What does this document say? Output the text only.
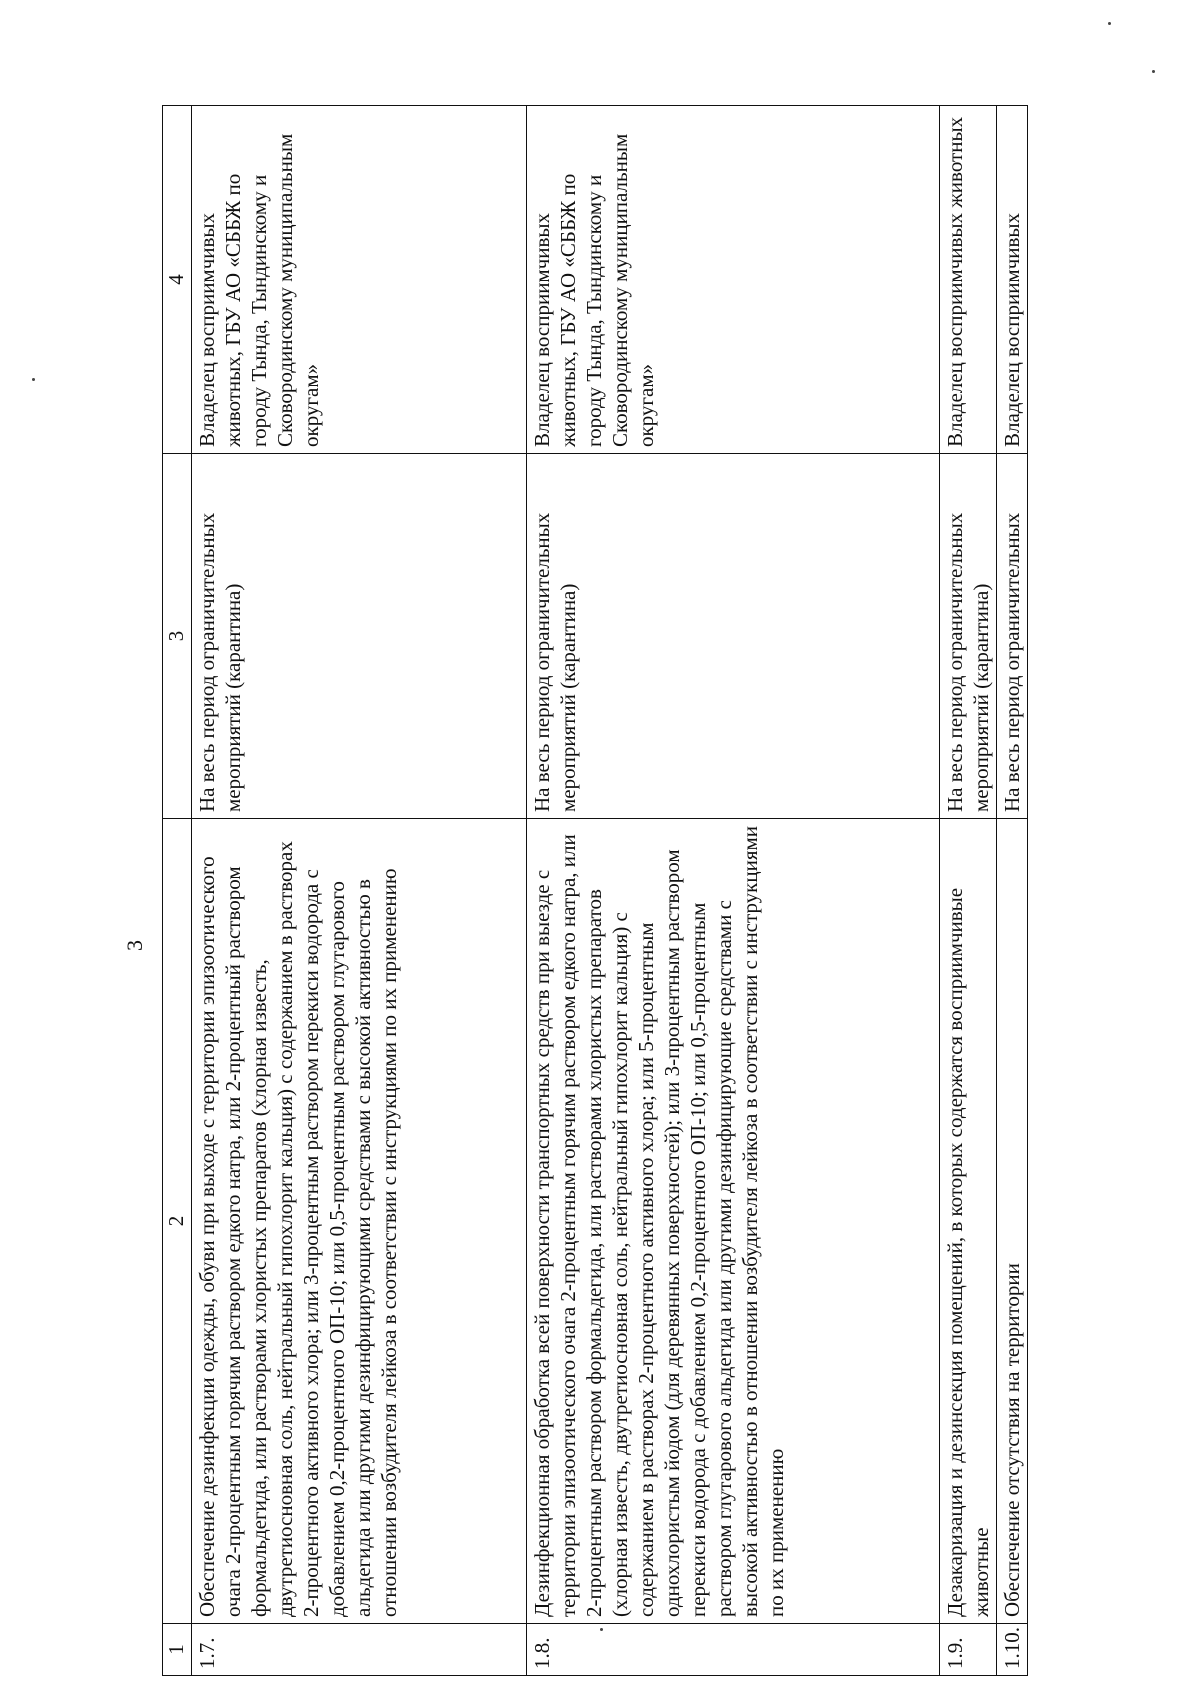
3
1	2	3	4
1.7.	Обеспечение дезинфекции одежды, обуви при выходе с территории эпизоотического очага 2-процентным горячим раствором едкого натра, или 2-процентный раствором формальдегида, или растворами хлористых препаратов (хлорная известь, двутретиосновная соль, нейтральный гипохлорит кальция) с содержанием в растворах 2-процентного активного хлора; или 3-процентным раствором перекиси водорода с добавлением 0,2-процентного ОП-10; или 0,5-процентным раствором глутарового альдегида или другими дезинфицирующими средствами с высокой активностью в отношении возбудителя лейкоза в соответствии с инструкциями по их применению	На весь период ограничительных мероприятий (карантина)	Владелец восприимчивых животных, ГБУ АО «СББЖ по городу Тында, Тындинскому и Сковородинскому муниципальным округам»
1.8.	Дезинфекционная обработка всей поверхности транспортных средств при выезде с территории эпизоотического очага 2-процентным горячим раствором едкого натра, или 2-процентным раствором формальдегида, или растворами хлористых препаратов (хлорная известь, двутретиосновная соль, нейтральный гипохлорит кальция) с содержанием в растворах 2-процентного активного хлора; или 5-процентным однохлористым йодом (для деревянных поверхностей); или 3-процентным раствором перекиси водорода с добавлением 0,2-процентного ОП-10; или 0,5-процентным раствором глутарового альдегида или другими дезинфицирующие средствами с высокой активностью в отношении возбудителя лейкоза в соответствии с инструкциями по их применению	На весь период ограничительных мероприятий (карантина)	Владелец восприимчивых животных, ГБУ АО «СББЖ по городу Тында, Тындинскому и Сковородинскому муниципальным округам»
1.9.	Дезакаризация и дезинсекция помещений, в которых содержатся восприимчивые животные	На весь период ограничительных мероприятий (карантина)	Владелец восприимчивых животных
1.10.	Обеспечение отсутствия на территории	На весь период ограничительных	Владелец восприимчивых
